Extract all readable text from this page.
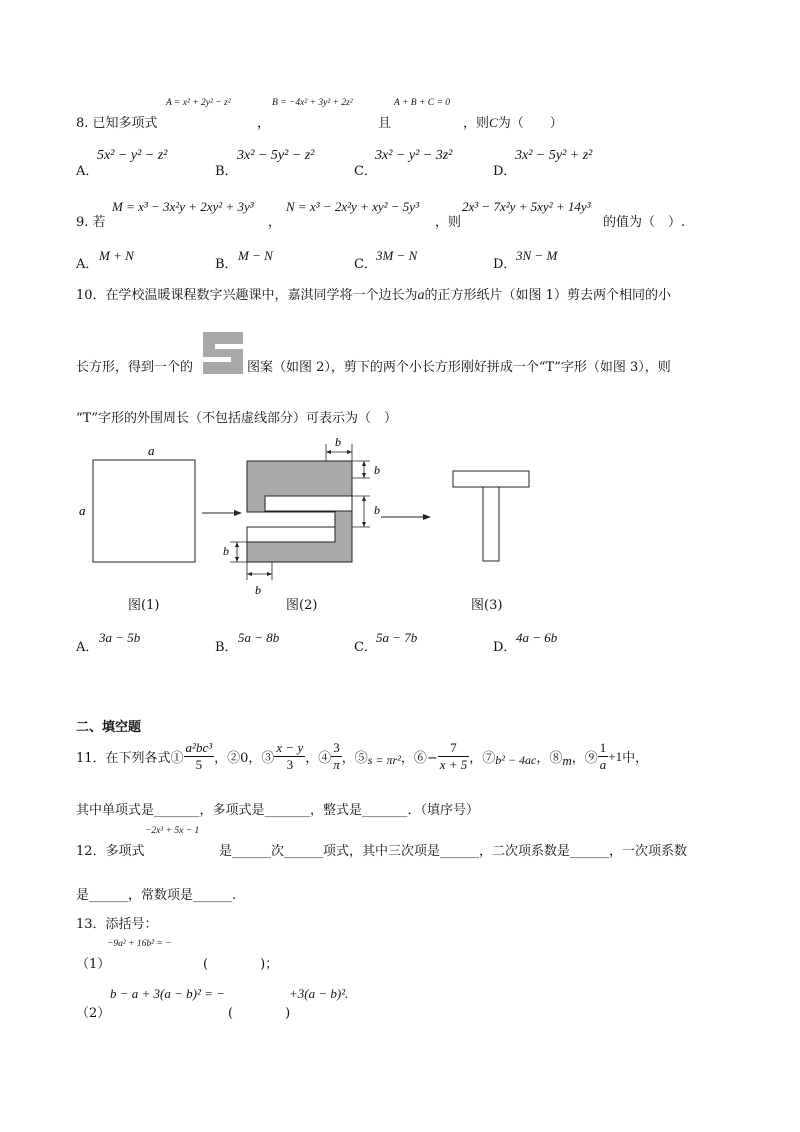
8. 已知多项式
A = x² + 2y² − z²
，
B = −4x² + 3y² + 2z²
且
A + B + C = 0
，则C为（　　）
A．
5x² − y² − z²
B．
3x² − 5y² − z²
C．
3x² − y² − 3z²
D．
3x² − 5y² + z²
9. 若
M = x³ − 3x²y + 2xy² + 3y³
，
N = x³ − 2x²y + xy² − 5y³
，则
2x³ − 7x²y + 5xy² + 14y³
的值为（　）.
A．
M + N
B．
M − N
C．
3M − N
D．
3N − M
10．在学校温暖课程数字兴趣课中，嘉淇同学将一个边长为a的正方形纸片（如图 1）剪去两个相同的小
长方形，得到一个的	图案（如图 2），剪下的两个小长方形刚好拼成一个“T”字形（如图 3），则
“T”字形的外围周长（不包括虚线部分）可表示为（　）
a
a
b
b
b
b
b
图(1)	图(2)	图(3)
A．
3a − 5b
B．
5a − 8b
C．
5a − 7b
D．
4a − 6b
二、填空题
11．在下列各式① $\frac{\text{a²bc³}}{5}$ ，②0，③ $\frac{x - y}{3}$ ，④ $\frac{3}{\pi}$ ，⑤ s = πr² ，⑥− $\frac{7}{x + 5}$ ，⑦ b² − 4ac ，⑧ m ，⑨ $\frac{1}{a} +1$ 中，
其中单项式是_______，多项式是_______，整式是_______．（填序号）
12．多项式
−2x³ + 5x − 1
是______次______项式，其中三次项是______，二次项系数是______，一次项系数
是______，常数项是______.
13．添括号：
（1）
−9a² + 16b² = −
(　　　　)；
（2）
b − a + 3(a − b)² = −
(　　　　)
+3(a − b)².
